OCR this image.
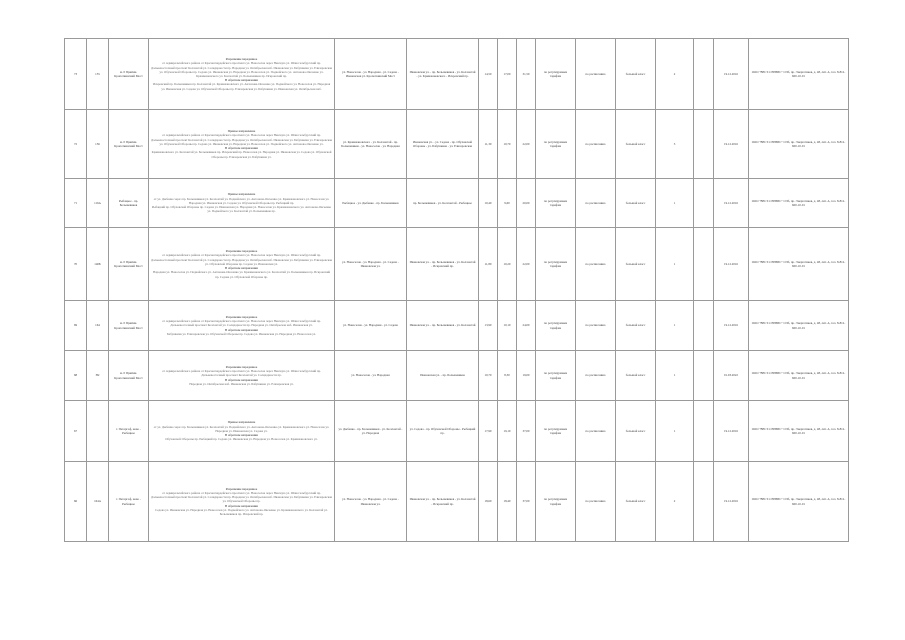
73	155	м. 0 Приёмн. Кропоткинский Мост	Разрешение переданное
от Адмиральтейского района от Красногвардейского проспекта ул. Новоселов через Невскую ул. Шлиссельбургский пр. Дальневосточный проспект Коллонтай ул. Солидарности пр. Народная ул. Октябрьская наб. Ивановская ул. Бабушкина ул. Елизаровская ул. Обуховской Обороны пр. Седова ул. Ивановская ул. Народная ул. Новоселов ул. Подвойского ул. Антонова-Овсеенко ул. Кржижановского ул. Коллонтай ул. Большевиков пр. Искровский пр.
В обратном направлении
Искровский пр. Большевиков пр. Коллонтай ул. Кржижановского ул. Антонова-Овсеенко ул. Подвойского ул. Новоселов ул. Народная ул. Ивановская ул. Седова ул. Обуховской Обороны пр. Елизаровская ул. Бабушкина ул. Ивановская ул. Октябрьская наб.	ул. Новоселов - ул. Народная - ул. Седова - Ивановская ул. Кропоткинский Мост	Ивановская ул. - пр. Большевиков - ул. Коллонтай - ул. Кржижановского - Искровский пр.	14,50	17,00	31,50	по регулируемым тарифам	по расписанию	большой класс	2		19.12.2016	ООО "ВЕСТ-СЕРВИС" СПб, пр. Энергетиков, д. 48, лит. А, тел. 8-812-600-10-01
72	156	м. 0 Приёмн. Кропоткинский Мост	Прямое направление
от Адмиральтейского района от Красногвардейского проспекта ул. Новоселов через Невскую ул. Шлиссельбургский пр. Дальневосточный проспект Коллонтай ул. Солидарности пр. Народная ул. Октябрьская наб. Ивановская ул. Бабушкина ул. Елизаровская ул. Обуховской Обороны пр. Седова ул. Ивановская ул. Народная ул. Новоселов ул. Подвойского ул. Антонова-Овсеенко ул.
В обратном направлении
Кржижановского ул. Коллонтай ул. Большевиков пр. Искровский пр. Новоселов ул. Народная ул. Ивановская ул. Седова ул. Обуховской Обороны пр. Елизаровская ул. Бабушкина ул.	ул. Кржижановского - ул. Коллонтай - пр. Большевиков - ул. Новоселов - ул. Народная	Ивановская ул. - ул. Седова - пр. Обуховской Обороны - ул. Бабушкина - ул. Елизаровская	11,30	10,70	22,00	по регулируемым тарифам	по расписанию	большой класс	3		19.12.2016	ООО "ВЕСТ-СЕРВИС" СПб, пр. Энергетиков, д. 48, лит. А, тел. 8-812-600-10-01
71	116А	Рыбацкое - пр. Большевиков	Прямое направление
от ул. Дыбенко через пр. Большевиков ул. Коллонтай ул. Подвойского ул. Антонова-Овсеенко ул. Кржижановского ул. Новоселов ул. Народная ул. Ивановская ул. Седова ул. Обуховской Обороны пр. Рыбацкий пр.
Рыбацкий пр. Обуховской Обороны пр. Седова ул. Ивановская ул. Народная ул. Новоселов ул. Кржижановского ул. Антонова-Овсеенко ул. Подвойского ул. Коллонтай ул. Большевиков пр.	Рыбацкое - ул. Дыбенко - пр. Большевиков	пр. Большевиков - ул. Коллонтай - Рыбацкое	10,40	9,60	20,00	по регулируемым тарифам	по расписанию	большой класс	1		19.12.2016	ООО "ВЕСТ-СЕРВИС" СПб, пр. Энергетиков, д. 48, лит. А, тел. 8-812-600-10-01
70	140Б	м. 0 Приёмн. Кропоткинский Мост	Разрешение переданное
от Адмиральтейского района от Красногвардейского проспекта ул. Новоселов через Невскую ул. Шлиссельбургский пр. Дальневосточный проспект Коллонтай ул. Солидарности пр. Народная ул. Октябрьская наб. Ивановская ул. Бабушкина ул. Елизаровская ул. Обуховской Обороны пр. Седова ул. Ивановская ул.
В обратном направлении
Народная ул. Новоселов ул. Подвойского ул. Антонова-Овсеенко ул. Кржижановского ул. Коллонтай ул. Большевиков пр. Искровский пр. Седова ул. Обуховской Обороны пр.	ул. Новоселов - ул. Народная - ул. Седова - Ивановская ул.	Ивановская ул. - пр. Большевиков - ул. Коллонтай - Искровский пр.	11,80	10,20	22,00	по регулируемым тарифам	по расписанию	большой класс	1		19.12.2016	ООО "ВЕСТ-СЕРВИС" СПб, пр. Энергетиков, д. 48, лит. А, тел. 8-812-600-10-01
69	164	м. 0 Приёмн. Кропоткинский Мост	Разрешение переданное
от Адмиральтейского района от Красногвардейского проспекта ул. Новоселов через Невскую ул. Шлиссельбургский пр. Дальневосточный проспект Коллонтай ул. Солидарности пр. Народная ул. Октябрьская наб. Ивановская ул.
В обратном направлении
Бабушкина ул. Елизаровская ул. Обуховской Обороны пр. Седова ул. Ивановская ул. Народная ул. Новоселов ул.	ул. Новоселов - ул. Народная - ул. Седова	Ивановская ул. - пр. Большевиков - ул. Коллонтай	13,90	10,10	24,00	по регулируемым тарифам	по расписанию	большой класс	1		19.12.2016	ООО "ВЕСТ-СЕРВИС" СПб, пр. Энергетиков, д. 48, лит. А, тел. 8-812-600-10-01
68	Н2	м. 0 Приёмн. Кропоткинский Мост	Разрешение переданное
от Адмиральтейского района от Красногвардейского проспекта ул. Новоселов через Невскую ул. Шлиссельбургский пр. Дальневосточный проспект Коллонтай ул. Солидарности пр.
В обратном направлении
Народная ул. Октябрьская наб. Ивановская ул. Бабушкина ул. Елизаровская ул.	ул. Новоселов - ул. Народная	Ивановская ул. - пр. Большевиков	10,70	8,30	19,00	по регулируемым тарифам	по расписанию	большой класс	1		01.03.2022	ООО "ВЕСТ-СЕРВИС" СПб, пр. Энергетиков, д. 48, лит. А, тел. 8-812-600-10-01
67		г. Петергоф, ново - Рыбацкое	Прямое направление
от ул. Дыбенко через пр. Большевиков ул. Коллонтай ул. Подвойского ул. Антонова-Овсеенко ул. Кржижановского ул. Новоселов ул. Народная ул. Ивановская ул. Седова ул.
В обратном направлении
Обуховской Обороны пр. Рыбацкий пр. Седова ул. Ивановская ул. Народная ул. Новоселов ул. Кржижановского ул.	ул. Дыбенко - пр. Большевиков - ул. Коллонтай - ул. Народная	ул. Седова - пр. Обуховской Обороны - Рыбацкий пр.	17,90	19,10	37,00	по регулируемым тарифам	по расписанию	большой класс	1		19.12.2016	ООО "ВЕСТ-СЕРВИС" СПб, пр. Энергетиков, д. 48, лит. А, тел. 8-812-600-10-01
66	164А	г. Петергоф, ново - Рыбацкое	Разрешение переданное
от Адмиральтейского района от Красногвардейского проспекта ул. Новоселов через Невскую ул. Шлиссельбургский пр. Дальневосточный проспект Коллонтай ул. Солидарности пр. Народная ул. Октябрьская наб. Ивановская ул. Бабушкина ул. Елизаровская ул. Обуховской Обороны пр.
В обратном направлении
Седова ул. Ивановская ул. Народная ул. Новоселов ул. Подвойского ул. Антонова-Овсеенко ул. Кржижановского ул. Коллонтай ул. Большевиков пр. Искровский пр.	ул. Новоселов - ул. Народная - ул. Седова - Ивановская ул.	Ивановская ул. - пр. Большевиков - ул. Коллонтай - Искровский пр.	18,60	18,40	37,00	по регулируемым тарифам	по расписанию	большой класс	2		19.12.2016	ООО "ВЕСТ-СЕРВИС" СПб, пр. Энергетиков, д. 48, лит. А, тел. 8-812-600-10-01
